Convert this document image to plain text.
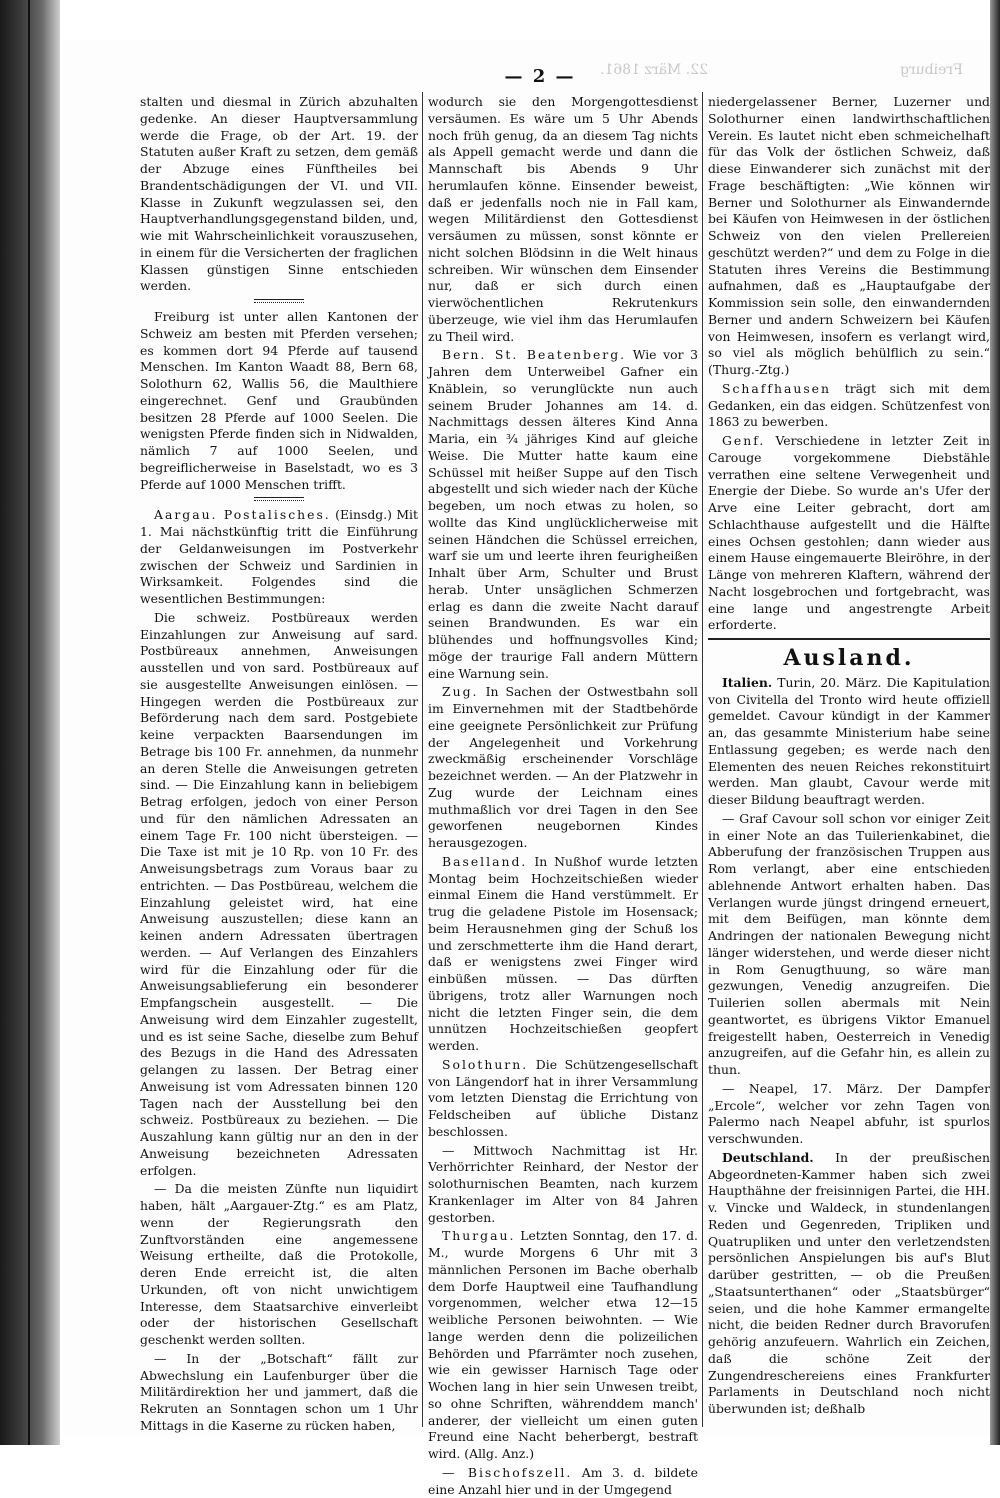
22. März 1861.	Freiburg
— 2 —

stalten und diesmal in Zürich abzuhalten gedenke. An dieser Hauptversammlung werde die Frage, ob der Art. 19. der Statuten außer Kraft zu setzen, dem gemäß der Abzuge eines Fünftheiles bei Brandentschädigungen der VI. und VII. Klasse in Zukunft wegzulassen sei, den Hauptverhandlungsgegenstand bilden, und, wie mit Wahrscheinlichkeit vorauszusehen, in einem für die Versicherten der fraglichen Klassen günstigen Sinne entschieden werden.

Freiburg ist unter allen Kantonen der Schweiz am besten mit Pferden versehen; es kommen dort 94 Pferde auf tausend Menschen. Im Kanton Waadt 88, Bern 68, Solothurn 62, Wallis 56, die Maulthiere eingerechnet. Genf und Graubünden besitzen 28 Pferde auf 1000 Seelen. Die wenigsten Pferde finden sich in Nidwalden, nämlich 7 auf 1000 Seelen, und begreiflicherweise in Baselstadt, wo es 3 Pferde auf 1000 Menschen trifft.

Aargau. Postalisches. (Einsdg.) Mit 1. Mai nächstkünftig tritt die Einführung der Geldanweisungen im Postverkehr zwischen der Schweiz und Sardinien in Wirksamkeit. Folgendes sind die wesentlichen Bestimmungen:

Die schweiz. Postbüreaux werden Einzahlungen zur Anweisung auf sard. Postbüreaux annehmen, Anweisungen ausstellen und von sard. Postbüreaux auf sie ausgestellte Anweisungen einlösen. — Hingegen werden die Postbüreaux zur Beförderung nach dem sard. Postgebiete keine verpackten Baarsendungen im Betrage bis 100 Fr. annehmen, da nunmehr an deren Stelle die Anweisungen getreten sind. — Die Einzahlung kann in beliebigem Betrag erfolgen, jedoch von einer Person und für den nämlichen Adressaten an einem Tage Fr. 100 nicht übersteigen. — Die Taxe ist mit je 10 Rp. von 10 Fr. des Anweisungsbetrags zum Voraus baar zu entrichten. — Das Postbüreau, welchem die Einzahlung geleistet wird, hat eine Anweisung auszustellen; diese kann an keinen andern Adressaten übertragen werden. — Auf Verlangen des Einzahlers wird für die Einzahlung oder für die Anweisungsablieferung ein besonderer Empfangschein ausgestellt. — Die Anweisung wird dem Einzahler zugestellt, und es ist seine Sache, dieselbe zum Behuf des Bezugs in die Hand des Adressaten gelangen zu lassen. Der Betrag einer Anweisung ist vom Adressaten binnen 120 Tagen nach der Ausstellung bei den schweiz. Postbüreaux zu beziehen. — Die Auszahlung kann gültig nur an den in der Anweisung bezeichneten Adressaten erfolgen.

— Da die meisten Zünfte nun liquidirt haben, hält „Aargauer-Ztg.“ es am Platz, wenn der Regierungsrath den Zunftvorständen eine angemessene Weisung ertheilte, daß die Protokolle, deren Ende erreicht ist, die alten Urkunden, oft von nicht unwichtigem Interesse, dem Staatsarchive einverleibt oder der historischen Gesellschaft geschenkt werden sollten.

— In der „Botschaft“ fällt zur Abwechslung ein Laufenburger über die Militärdirektion her und jammert, daß die Rekruten an Sonntagen schon um 1 Uhr Mittags in die Kaserne zu rücken haben,

wodurch sie den Morgengottesdienst versäumen. Es wäre um 5 Uhr Abends noch früh genug, da an diesem Tag nichts als Appell gemacht werde und dann die Mannschaft bis Abends 9 Uhr herumlaufen könne. Einsender beweist, daß er jedenfalls noch nie in Fall kam, wegen Militärdienst den Gottesdienst versäumen zu müssen, sonst könnte er nicht solchen Blödsinn in die Welt hinaus schreiben. Wir wünschen dem Einsender nur, daß er sich durch einen vierwöchentlichen Rekrutenkurs überzeuge, wie viel ihm das Herumlaufen zu Theil wird.

Bern. St. Beatenberg. Wie vor 3 Jahren dem Unterweibel Gafner ein Knäblein, so verunglückte nun auch seinem Bruder Johannes am 14. d. Nachmittags dessen älteres Kind Anna Maria, ein ¾ jähriges Kind auf gleiche Weise. Die Mutter hatte kaum eine Schüssel mit heißer Suppe auf den Tisch abgestellt und sich wieder nach der Küche begeben, um noch etwas zu holen, so wollte das Kind unglücklicherweise mit seinen Händchen die Schüssel erreichen, warf sie um und leerte ihren feurigheißen Inhalt über Arm, Schulter und Brust herab. Unter unsäglichen Schmerzen erlag es dann die zweite Nacht darauf seinen Brandwunden. Es war ein blühendes und hoffnungsvolles Kind; möge der traurige Fall andern Müttern eine Warnung sein.

Zug. In Sachen der Ostwestbahn soll im Einvernehmen mit der Stadtbehörde eine geeignete Persönlichkeit zur Prüfung der Angelegenheit und Vorkehrung zweckmäßig erscheinender Vorschläge bezeichnet werden. — An der Platzwehr in Zug wurde der Leichnam eines muthmaßlich vor drei Tagen in den See geworfenen neugebornen Kindes herausgezogen.

Baselland. In Nußhof wurde letzten Montag beim Hochzeitschießen wieder einmal Einem die Hand verstümmelt. Er trug die geladene Pistole im Hosensack; beim Herausnehmen ging der Schuß los und zerschmetterte ihm die Hand derart, daß er wenigstens zwei Finger wird einbüßen müssen. — Das dürften übrigens, trotz aller Warnungen noch nicht die letzten Finger sein, die dem unnützen Hochzeitschießen geopfert werden.

Solothurn. Die Schützengesellschaft von Längendorf hat in ihrer Versammlung vom letzten Dienstag die Errichtung von Feldscheiben auf übliche Distanz beschlossen.

— Mittwoch Nachmittag ist Hr. Verhörrichter Reinhard, der Nestor der solothurnischen Beamten, nach kurzem Krankenlager im Alter von 84 Jahren gestorben.

Thurgau. Letzten Sonntag, den 17. d. M., wurde Morgens 6 Uhr mit 3 männlichen Personen im Bache oberhalb dem Dorfe Hauptweil eine Taufhandlung vorgenommen, welcher etwa 12—15 weibliche Personen beiwohnten. — Wie lange werden denn die polizeilichen Behörden und Pfarrämter noch zusehen, wie ein gewisser Harnisch Tage oder Wochen lang in hier sein Unwesen treibt, so ohne Schriften, währenddem manch' anderer, der vielleicht um einen guten Freund eine Nacht beherbergt, bestraft wird. (Allg. Anz.)

— Bischofszell. Am 3. d. bildete eine Anzahl hier und in der Umgegend

niedergelassener Berner, Luzerner und Solothurner einen landwirthschaftlichen Verein. Es lautet nicht eben schmeichelhaft für das Volk der östlichen Schweiz, daß diese Einwanderer sich zunächst mit der Frage beschäftigten: „Wie können wir Berner und Solothurner als Einwandernde bei Käufen von Heimwesen in der östlichen Schweiz von den vielen Prellereien geschützt werden?“ und dem zu Folge in die Statuten ihres Vereins die Bestimmung aufnahmen, daß es „Hauptaufgabe der Kommission sein solle, den einwandernden Berner und andern Schweizern bei Käufen von Heimwesen, insofern es verlangt wird, so viel als möglich behülflich zu sein.“ (Thurg.-Ztg.)

Schaffhausen trägt sich mit dem Gedanken, ein das eidgen. Schützenfest von 1863 zu bewerben.

Genf. Verschiedene in letzter Zeit in Carouge vorgekommene Diebstähle verrathen eine seltene Verwegenheit und Energie der Diebe. So wurde an's Ufer der Arve eine Leiter gebracht, dort am Schlachthause aufgestellt und die Hälfte eines Ochsen gestohlen; dann wieder aus einem Hause eingemauerte Bleiröhre, in der Länge von mehreren Klaftern, während der Nacht losgebrochen und fortgebracht, was eine lange und angestrengte Arbeit erforderte.

Ausland.

Italien. Turin, 20. März. Die Kapitulation von Civitella del Tronto wird heute offiziell gemeldet. Cavour kündigt in der Kammer an, das gesammte Ministerium habe seine Entlassung gegeben; es werde nach den Elementen des neuen Reiches rekonstituirt werden. Man glaubt, Cavour werde mit dieser Bildung beauftragt werden.

— Graf Cavour soll schon vor einiger Zeit in einer Note an das Tuilerienkabinet, die Abberufung der französischen Truppen aus Rom verlangt, aber eine entschieden ablehnende Antwort erhalten haben. Das Verlangen wurde jüngst dringend erneuert, mit dem Beifügen, man könnte dem Andringen der nationalen Bewegung nicht länger widerstehen, und werde dieser nicht in Rom Genugthuung, so wäre man gezwungen, Venedig anzugreifen. Die Tuilerien sollen abermals mit Nein geantwortet, es übrigens Viktor Emanuel freigestellt haben, Oesterreich in Venedig anzugreifen, auf die Gefahr hin, es allein zu thun.

— Neapel, 17. März. Der Dampfer „Ercole“, welcher vor zehn Tagen von Palermo nach Neapel abfuhr, ist spurlos verschwunden.

Deutschland. In der preußischen Abgeordneten-Kammer haben sich zwei Haupthähne der freisinnigen Partei, die HH. v. Vincke und Waldeck, in stundenlangen Reden und Gegenreden, Tripliken und Quatrupliken und unter den verletzendsten persönlichen Anspielungen bis auf's Blut darüber gestritten, — ob die Preußen „Staatsunterthanen“ oder „Staatsbürger“ seien, und die hohe Kammer ermangelte nicht, die beiden Redner durch Bravorufen gehörig anzufeuern. Wahrlich ein Zeichen, daß die schöne Zeit der Zungendreschereiens eines Frankfurter Parlaments in Deutschland noch nicht überwunden ist; deßhalb
